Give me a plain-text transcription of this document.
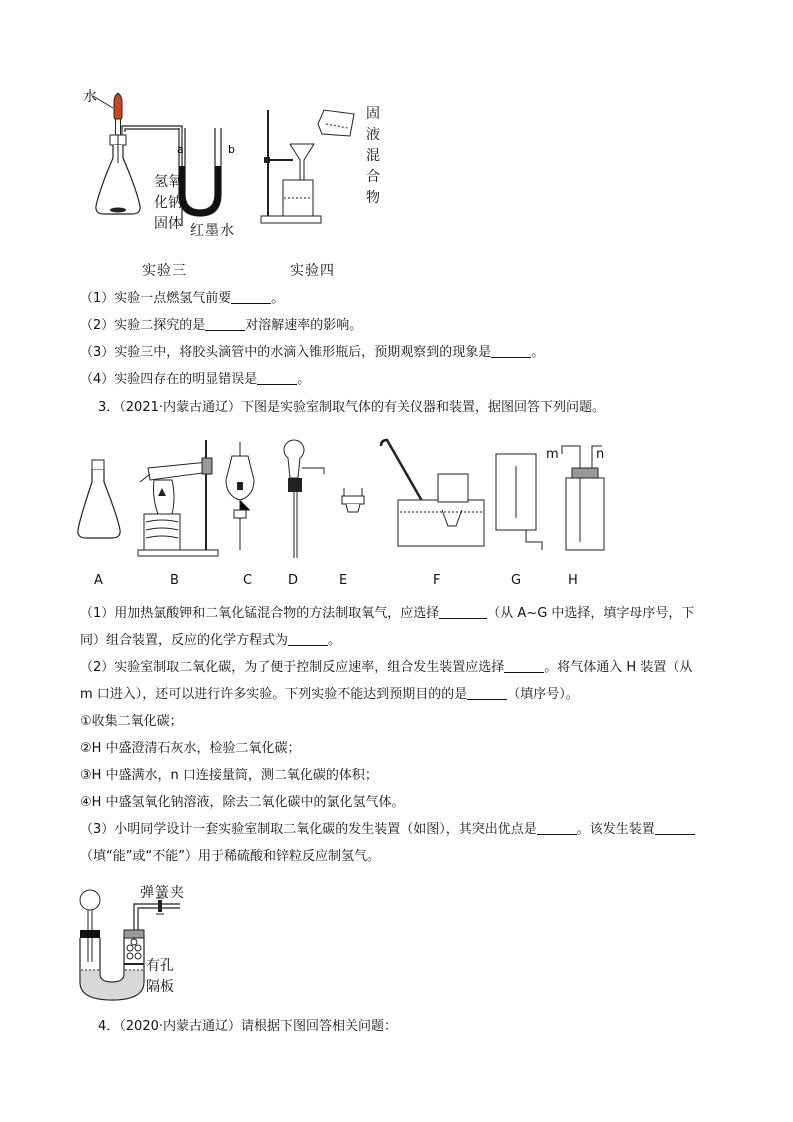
a	b
水
氢氧
化钠
固体 红墨水
固
液
混
合
物
实验三	实验四
（1）实验一点燃氢气前要	。
（2）实验二探究的是	对溶解速率的影响。
（3）实验三中，将胶头滴管中的水滴入锥形瓶后，预期观察到的现象是	。
（4）实验四存在的明显错误是	。
3．（2021·内蒙古通辽）下图是实验室制取气体的有关仪器和装置，据图回答下列问题。
m	n
A	B	C	D	E	F	G	H
（1）用加热氯酸钾和二氧化锰混合物的方法制取氧气，应选择	（从 A~G 中选择，填字母序号，下
同）组合装置，反应的化学方程式为	。
（2）实验室制取二氧化碳，为了便于控制反应速率，组合发生装置应选择	。将气体通入 H 装置（从
m 口进入），还可以进行许多实验。下列实验不能达到预期目的的是	（填序号）。
①收集二氧化碳；
②H 中盛澄清石灰水，检验二氧化碳；
③H 中盛满水，n 口连接量筒，测二氧化碳的体积；
④H 中盛氢氧化钠溶液，除去二氧化碳中的氯化氢气体。
（3）小明同学设计一套实验室制取二氧化碳的发生装置（如图），其突出优点是	。该发生装置
（填“能”或“不能”）用于稀硫酸和锌粒反应制氢气。
弹簧夹
有孔
隔板
4．（2020·内蒙古通辽）请根据下图回答相关问题：
